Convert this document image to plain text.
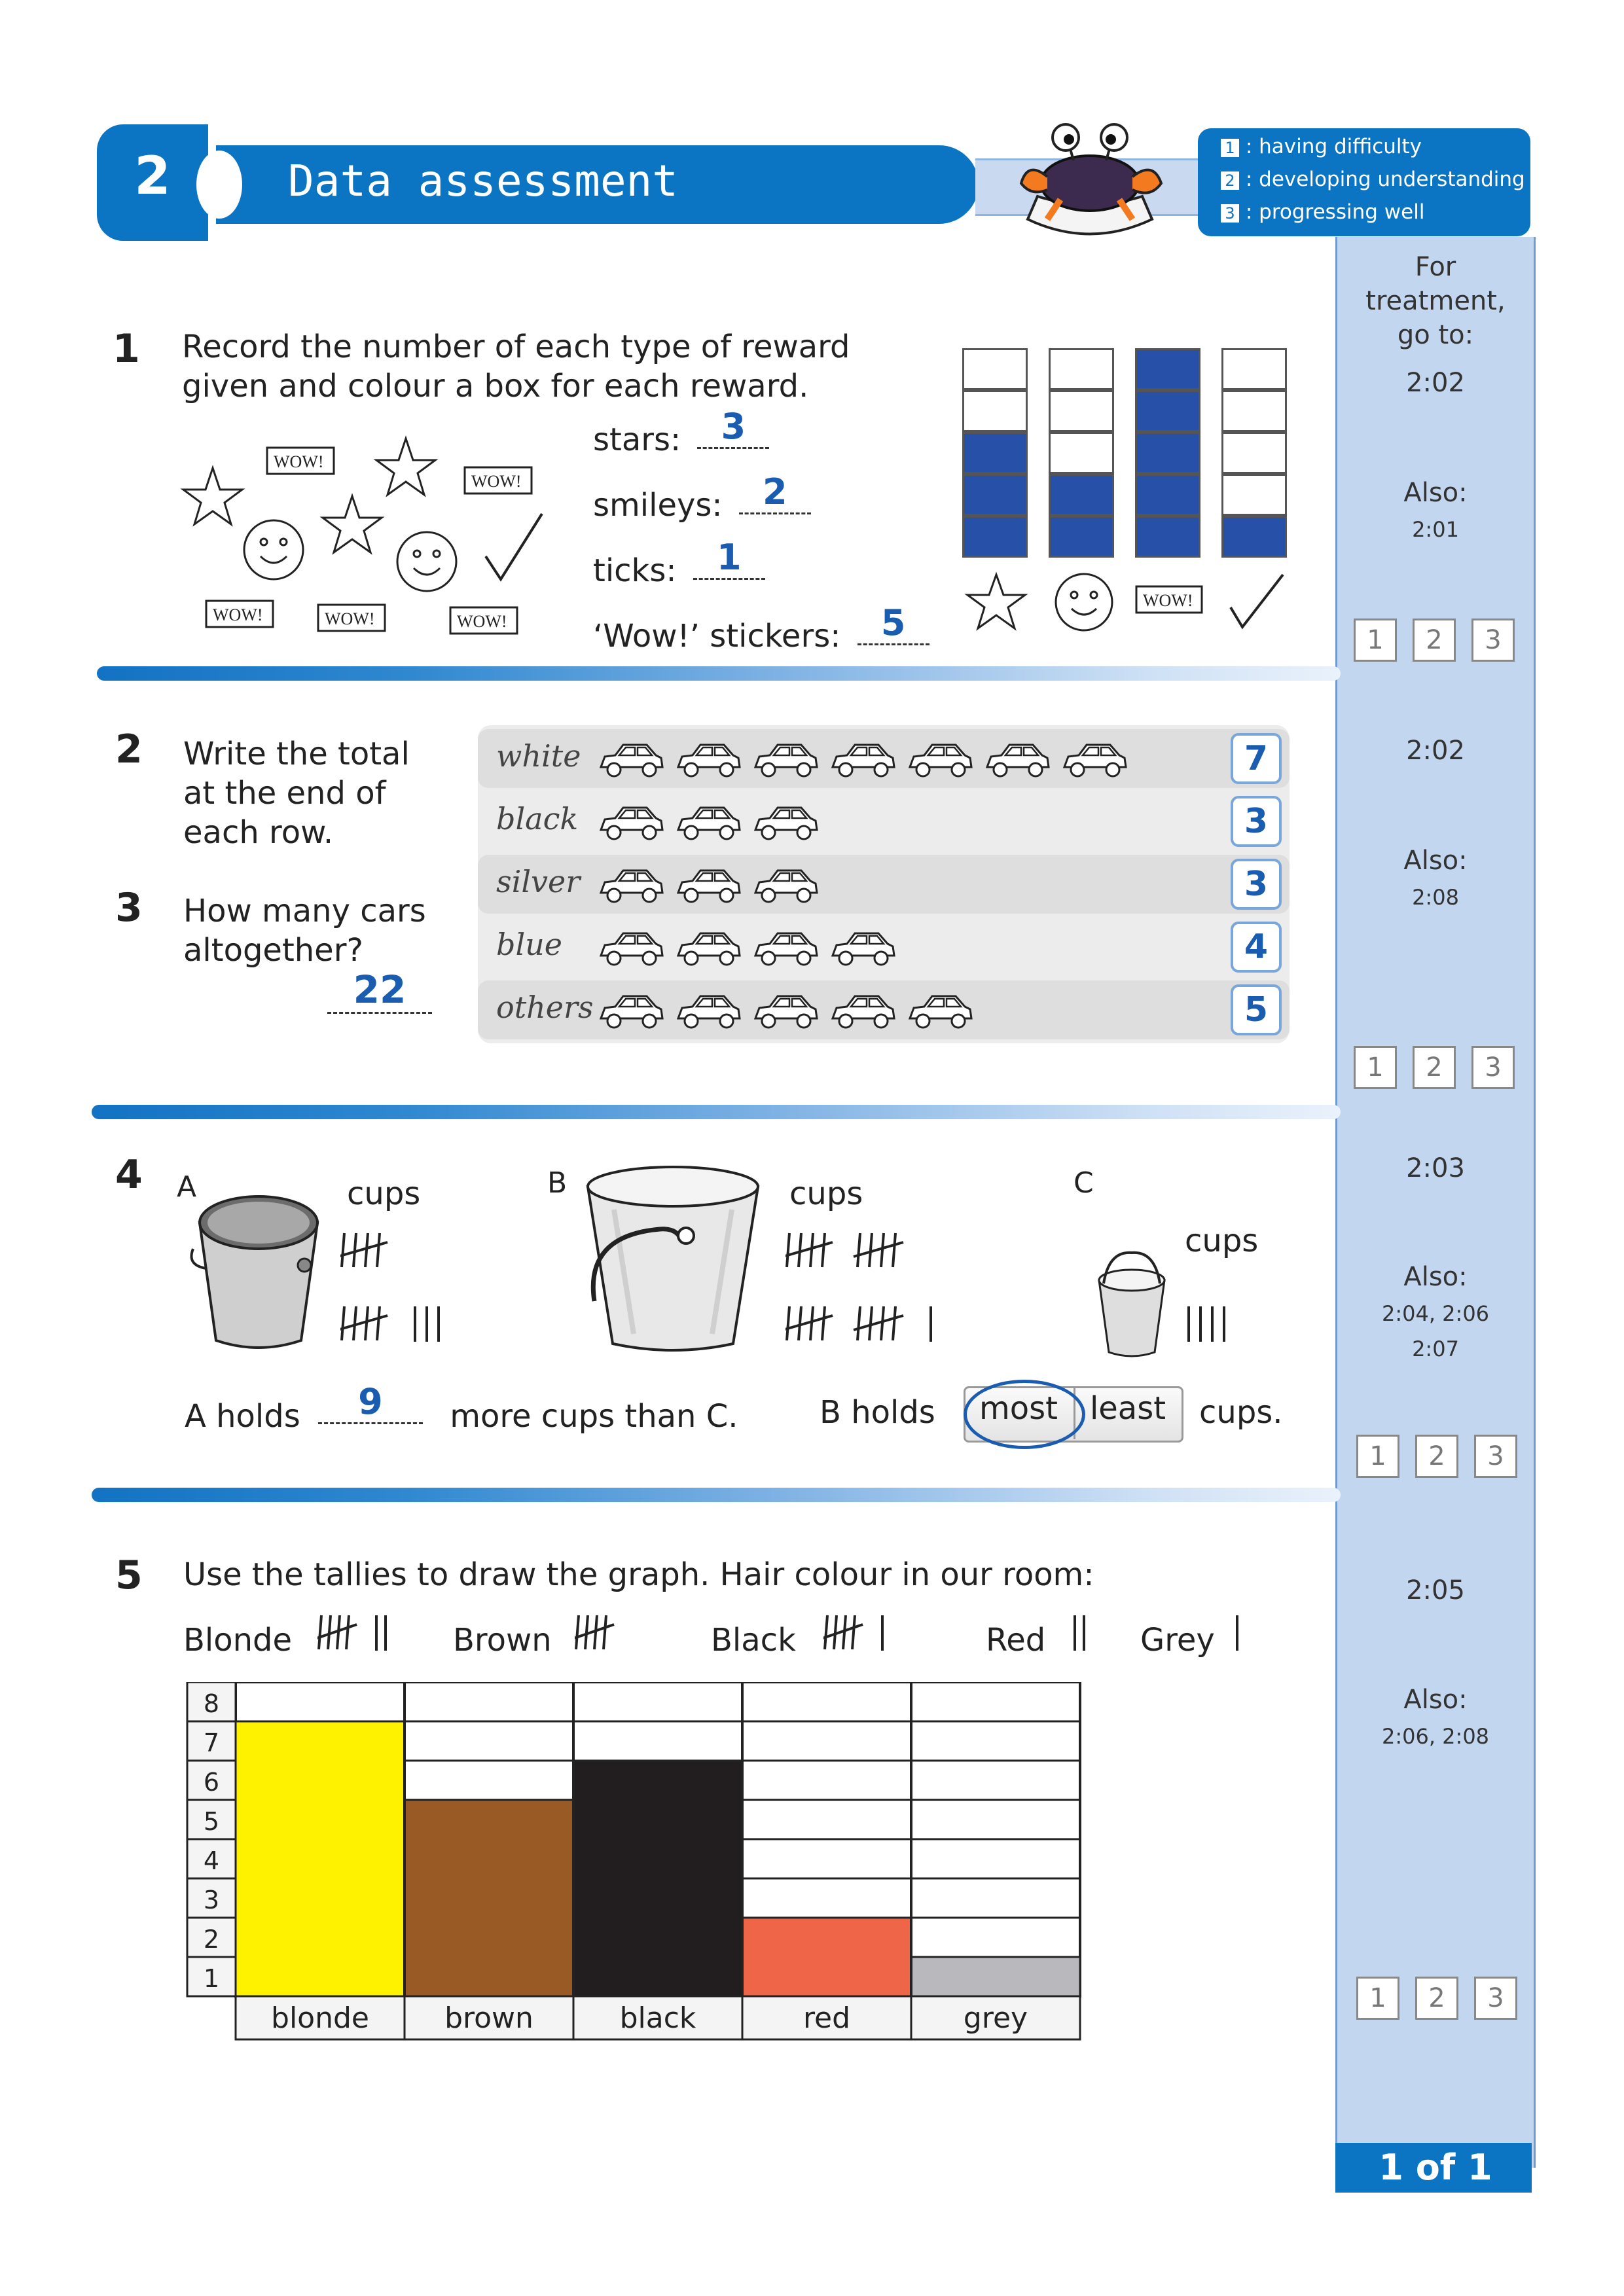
2	Data assessment
1 : having difficulty
2 : developing understanding
3 : progressing well
For treatment, go to:
2:02
Also:
2:01
2:02
Also:
2:08
2:03
Also:
2:04, 2:06
2:07
2:05
Also:
2:06, 2:08
1 of 1
1	2	3
1	2	3
1	2	3
1	2	3
1 Record the number of each type of reward
given and colour a box for each reward.
WOW!
WOW!
WOW!	WOW!	WOW!
stars: 3
smileys: 2
ticks: 1
‘Wow!’ stickers: 5
WOW!
2 Write the total
at the end of
each row.
3 How many cars
altogether?
22
white	7
black	3
silver	3
blue	4
others	5
4 A	cups	B	cups	C
cups
A holds 9 more cups than C.	B holds	most	least	cups.
5 Use the tallies to draw the graph. Hair colour in our room:
Blonde	Brown	Black	Red	Grey
1
2
3
4
5
6
7
8
blonde	brown	black	red	grey
